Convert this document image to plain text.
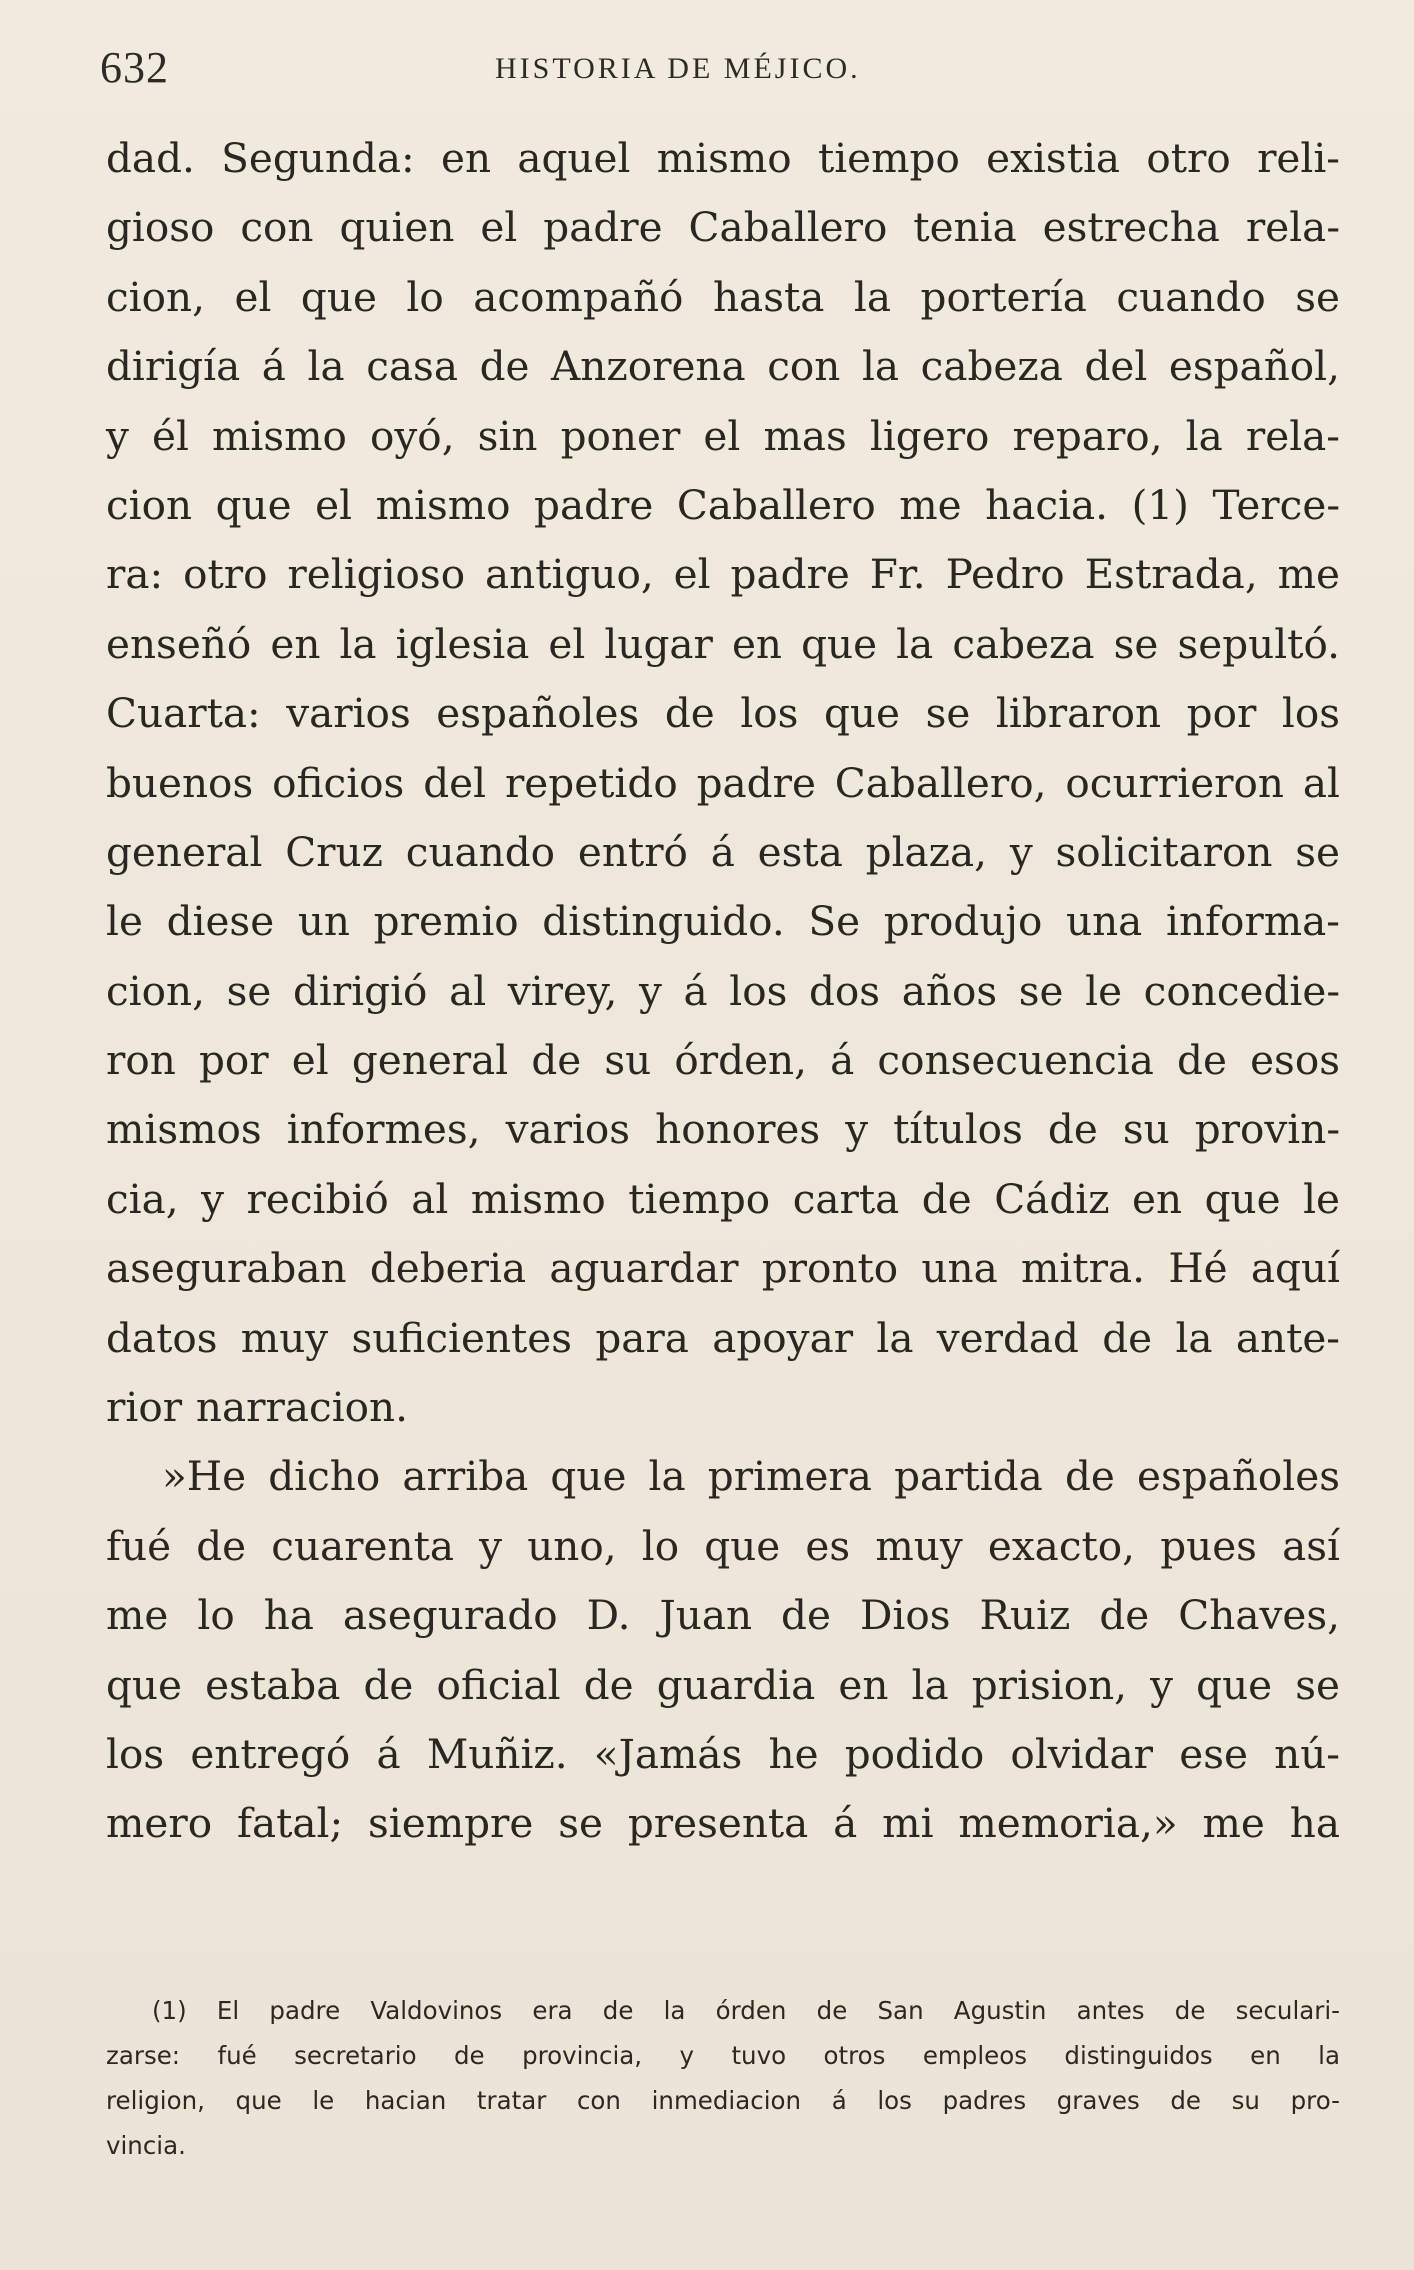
632	HISTORIA DE MÉJICO.
dad. Segunda: en aquel mismo tiempo existia otro reli-
gioso con quien el padre Caballero tenia estrecha rela-
cion, el que lo acompañó hasta la portería cuando se
dirigía á la casa de Anzorena con la cabeza del español,
y él mismo oyó, sin poner el mas ligero reparo, la rela-
cion que el mismo padre Caballero me hacia. (1) Terce-
ra: otro religioso antiguo, el padre Fr. Pedro Estrada, me
enseñó en la iglesia el lugar en que la cabeza se sepultó.
Cuarta: varios españoles de los que se libraron por los
buenos oficios del repetido padre Caballero, ocurrieron al
general Cruz cuando entró á esta plaza, y solicitaron se
le diese un premio distinguido. Se produjo una informa-
cion, se dirigió al virey, y á los dos años se le concedie-
ron por el general de su órden, á consecuencia de esos
mismos informes, varios honores y títulos de su provin-
cia, y recibió al mismo tiempo carta de Cádiz en que le
aseguraban deberia aguardar pronto una mitra. Hé aquí
datos muy suficientes para apoyar la verdad de la ante-
rior narracion.
»He dicho arriba que la primera partida de españoles
fué de cuarenta y uno, lo que es muy exacto, pues así
me lo ha asegurado D. Juan de Dios Ruiz de Chaves,
que estaba de oficial de guardia en la prision, y que se
los entregó á Muñiz. «Jamás he podido olvidar ese nú-
mero fatal; siempre se presenta á mi memoria,» me ha
(1) El padre Valdovinos era de la órden de San Agustin antes de seculari-
zarse: fué secretario de provincia, y tuvo otros empleos distinguidos en la
religion, que le hacian tratar con inmediacion á los padres graves de su pro-
vincia.
